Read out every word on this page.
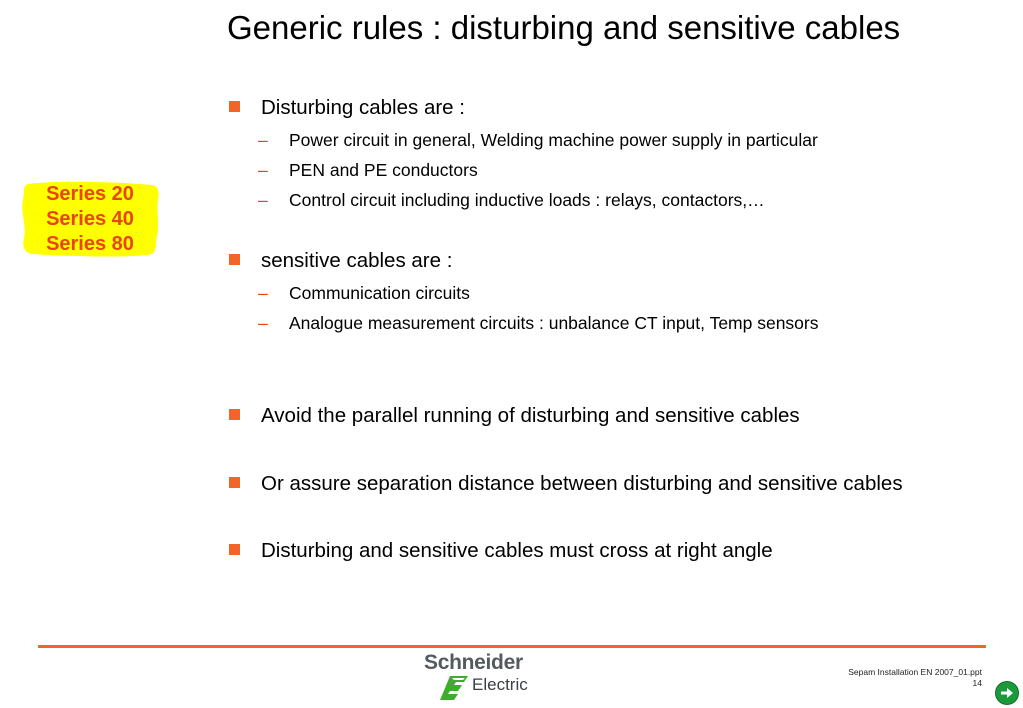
Generic rules : disturbing and sensitive cables
Series 20
Series 40
Series 80
Disturbing cables are :
– Power circuit in general, Welding machine power supply in particular
– PEN and PE conductors
– Control circuit including inductive loads : relays, contactors,…
sensitive cables are :
– Communication circuits
– Analogue measurement circuits : unbalance CT input, Temp sensors
Avoid the parallel running of disturbing and sensitive cables
Or assure separation distance between disturbing and sensitive cables
Disturbing and sensitive cables must cross at right angle
Schneider
Electric
Sepam Installation EN 2007_01.ppt
14
